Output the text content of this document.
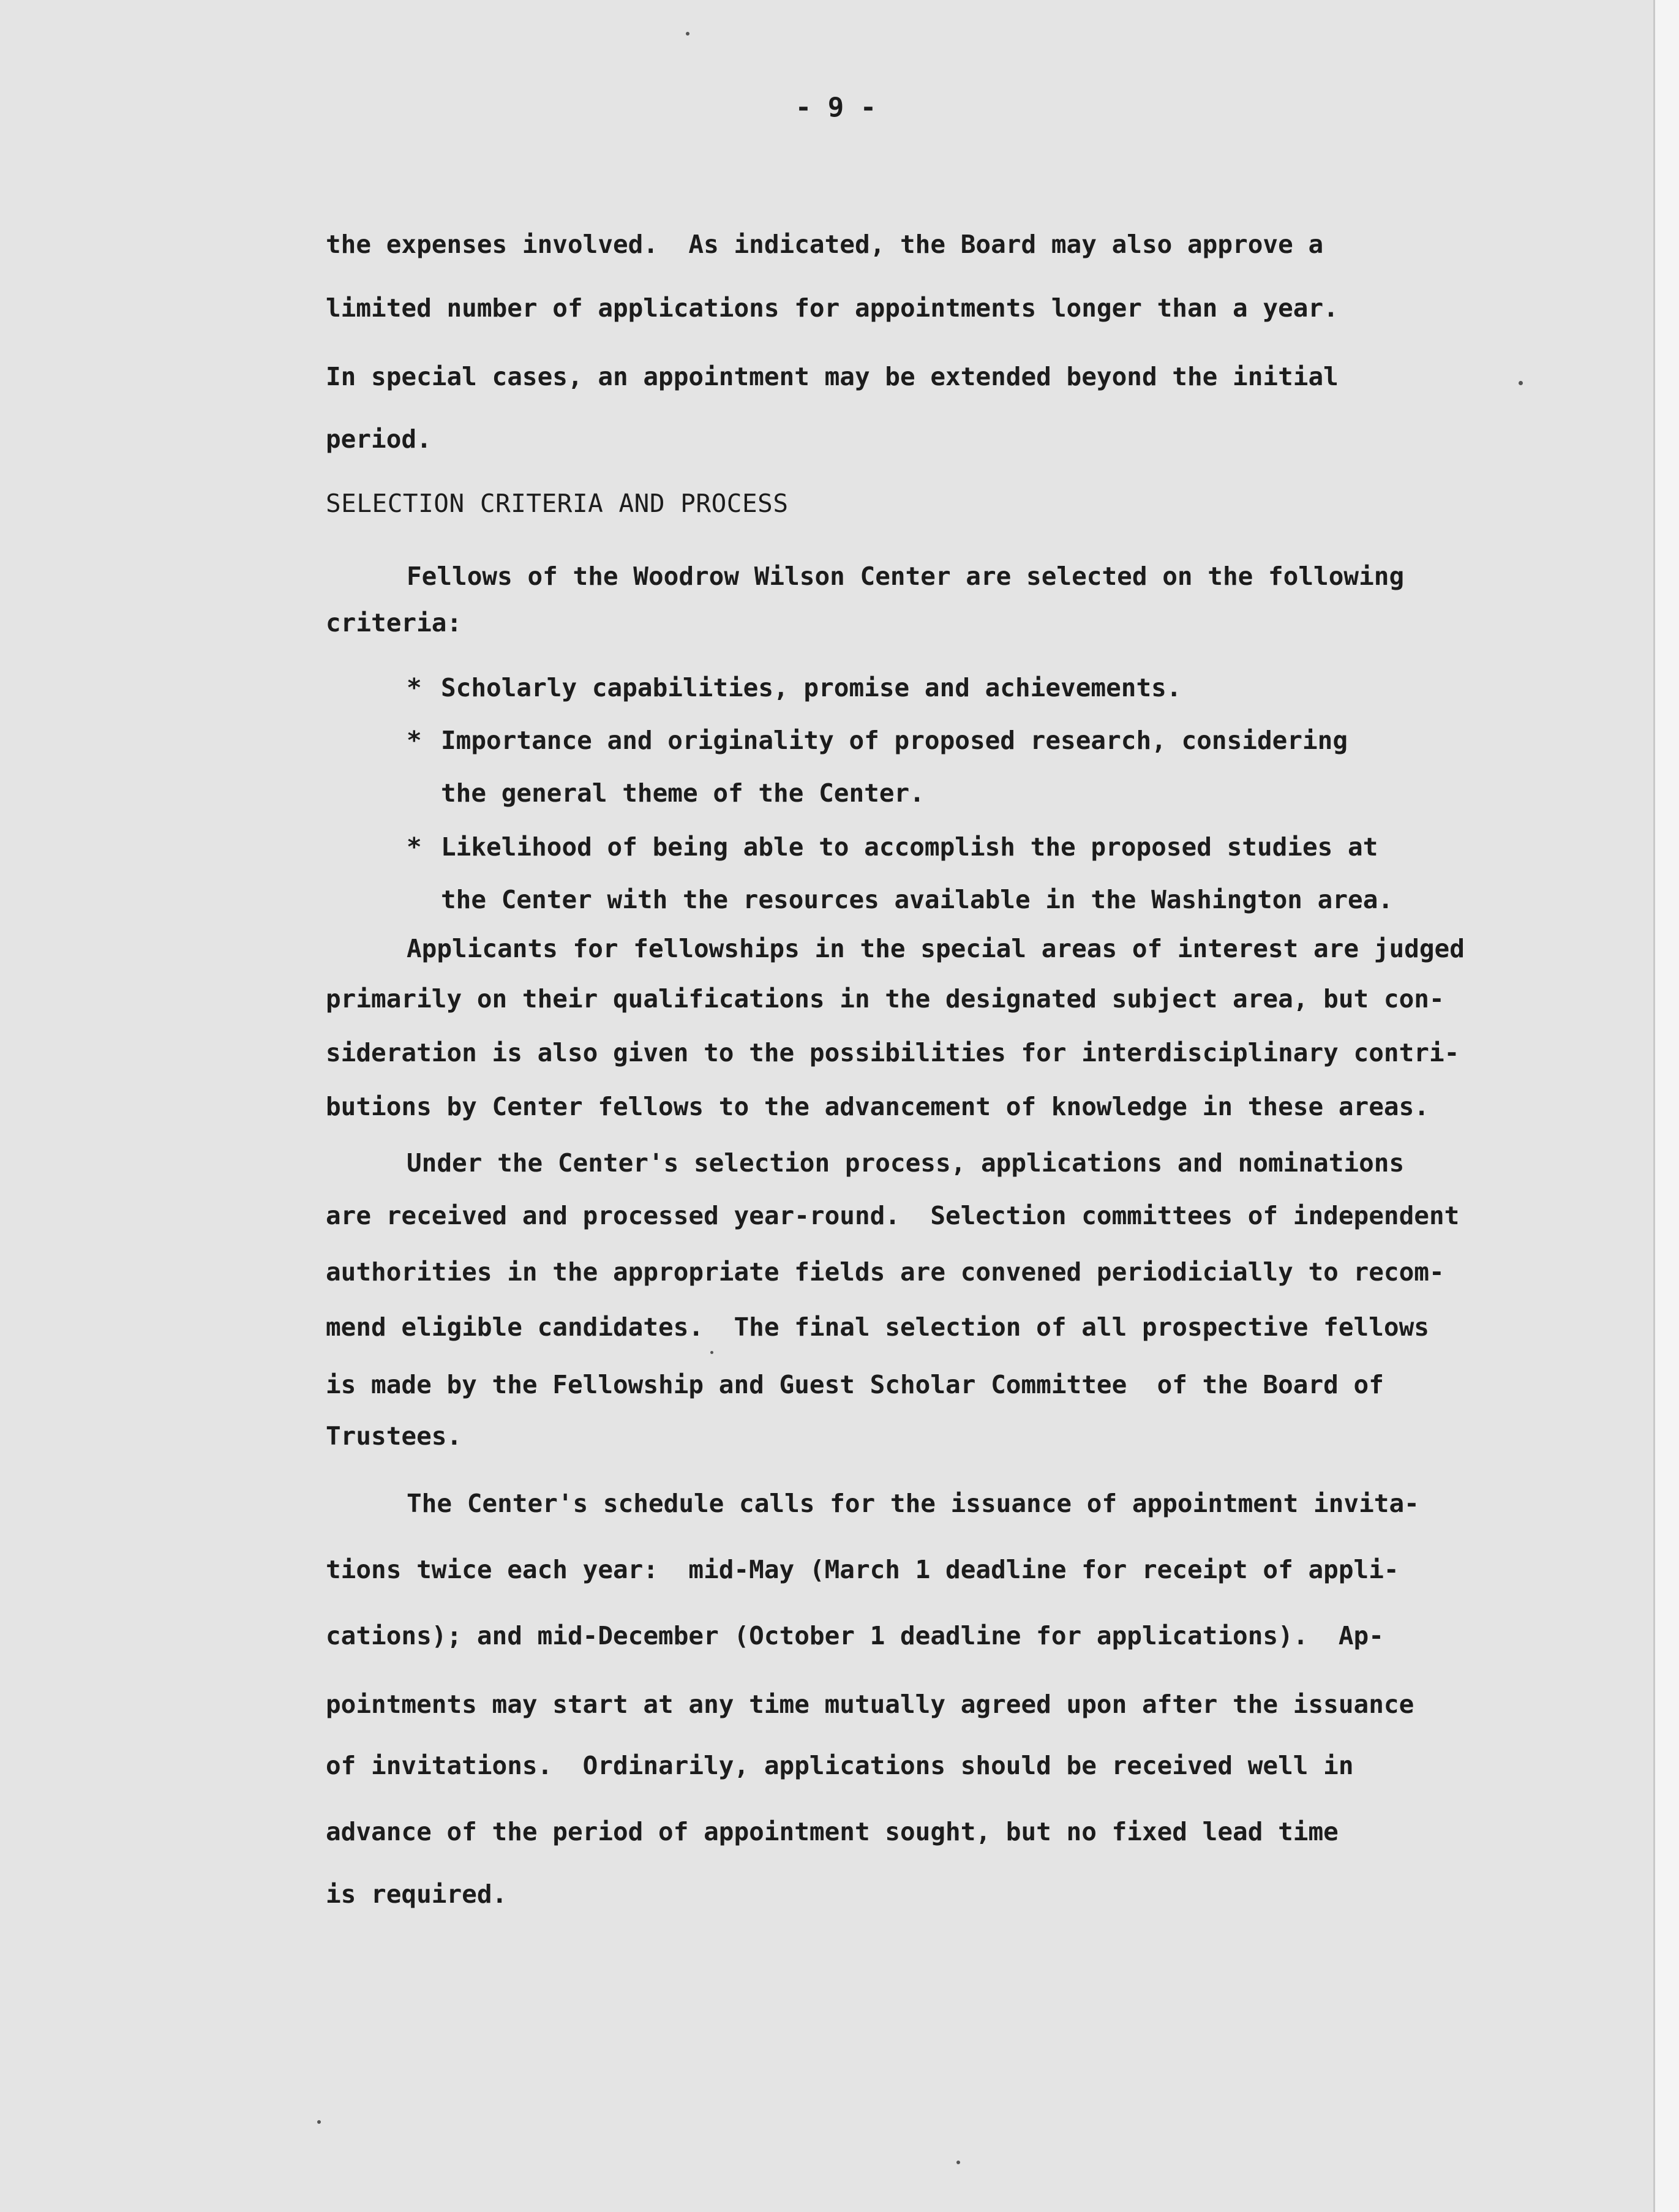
- 9 -
the expenses involved.  As indicated, the Board may also approve a
limited number of applications for appointments longer than a year.
In special cases, an appointment may be extended beyond the initial
period.
SELECTION CRITERIA AND PROCESS
Fellows of the Woodrow Wilson Center are selected on the following
criteria:
* Scholarly capabilities, promise and achievements.
* Importance and originality of proposed research, considering
the general theme of the Center.
* Likelihood of being able to accomplish the proposed studies at
the Center with the resources available in the Washington area.
Applicants for fellowships in the special areas of interest are judged
primarily on their qualifications in the designated subject area, but con-
sideration is also given to the possibilities for interdisciplinary contri-
butions by Center fellows to the advancement of knowledge in these areas.
Under the Center's selection process, applications and nominations
are received and processed year-round.  Selection committees of independent
authorities in the appropriate fields are convened periodicially to recom-
mend eligible candidates.  The final selection of all prospective fellows
is made by the Fellowship and Guest Scholar Committee  of the Board of
Trustees.
The Center's schedule calls for the issuance of appointment invita-
tions twice each year:  mid-May (March 1 deadline for receipt of appli-
cations); and mid-December (October 1 deadline for applications).  Ap-
pointments may start at any time mutually agreed upon after the issuance
of invitations.  Ordinarily, applications should be received well in
advance of the period of appointment sought, but no fixed lead time
is required.
